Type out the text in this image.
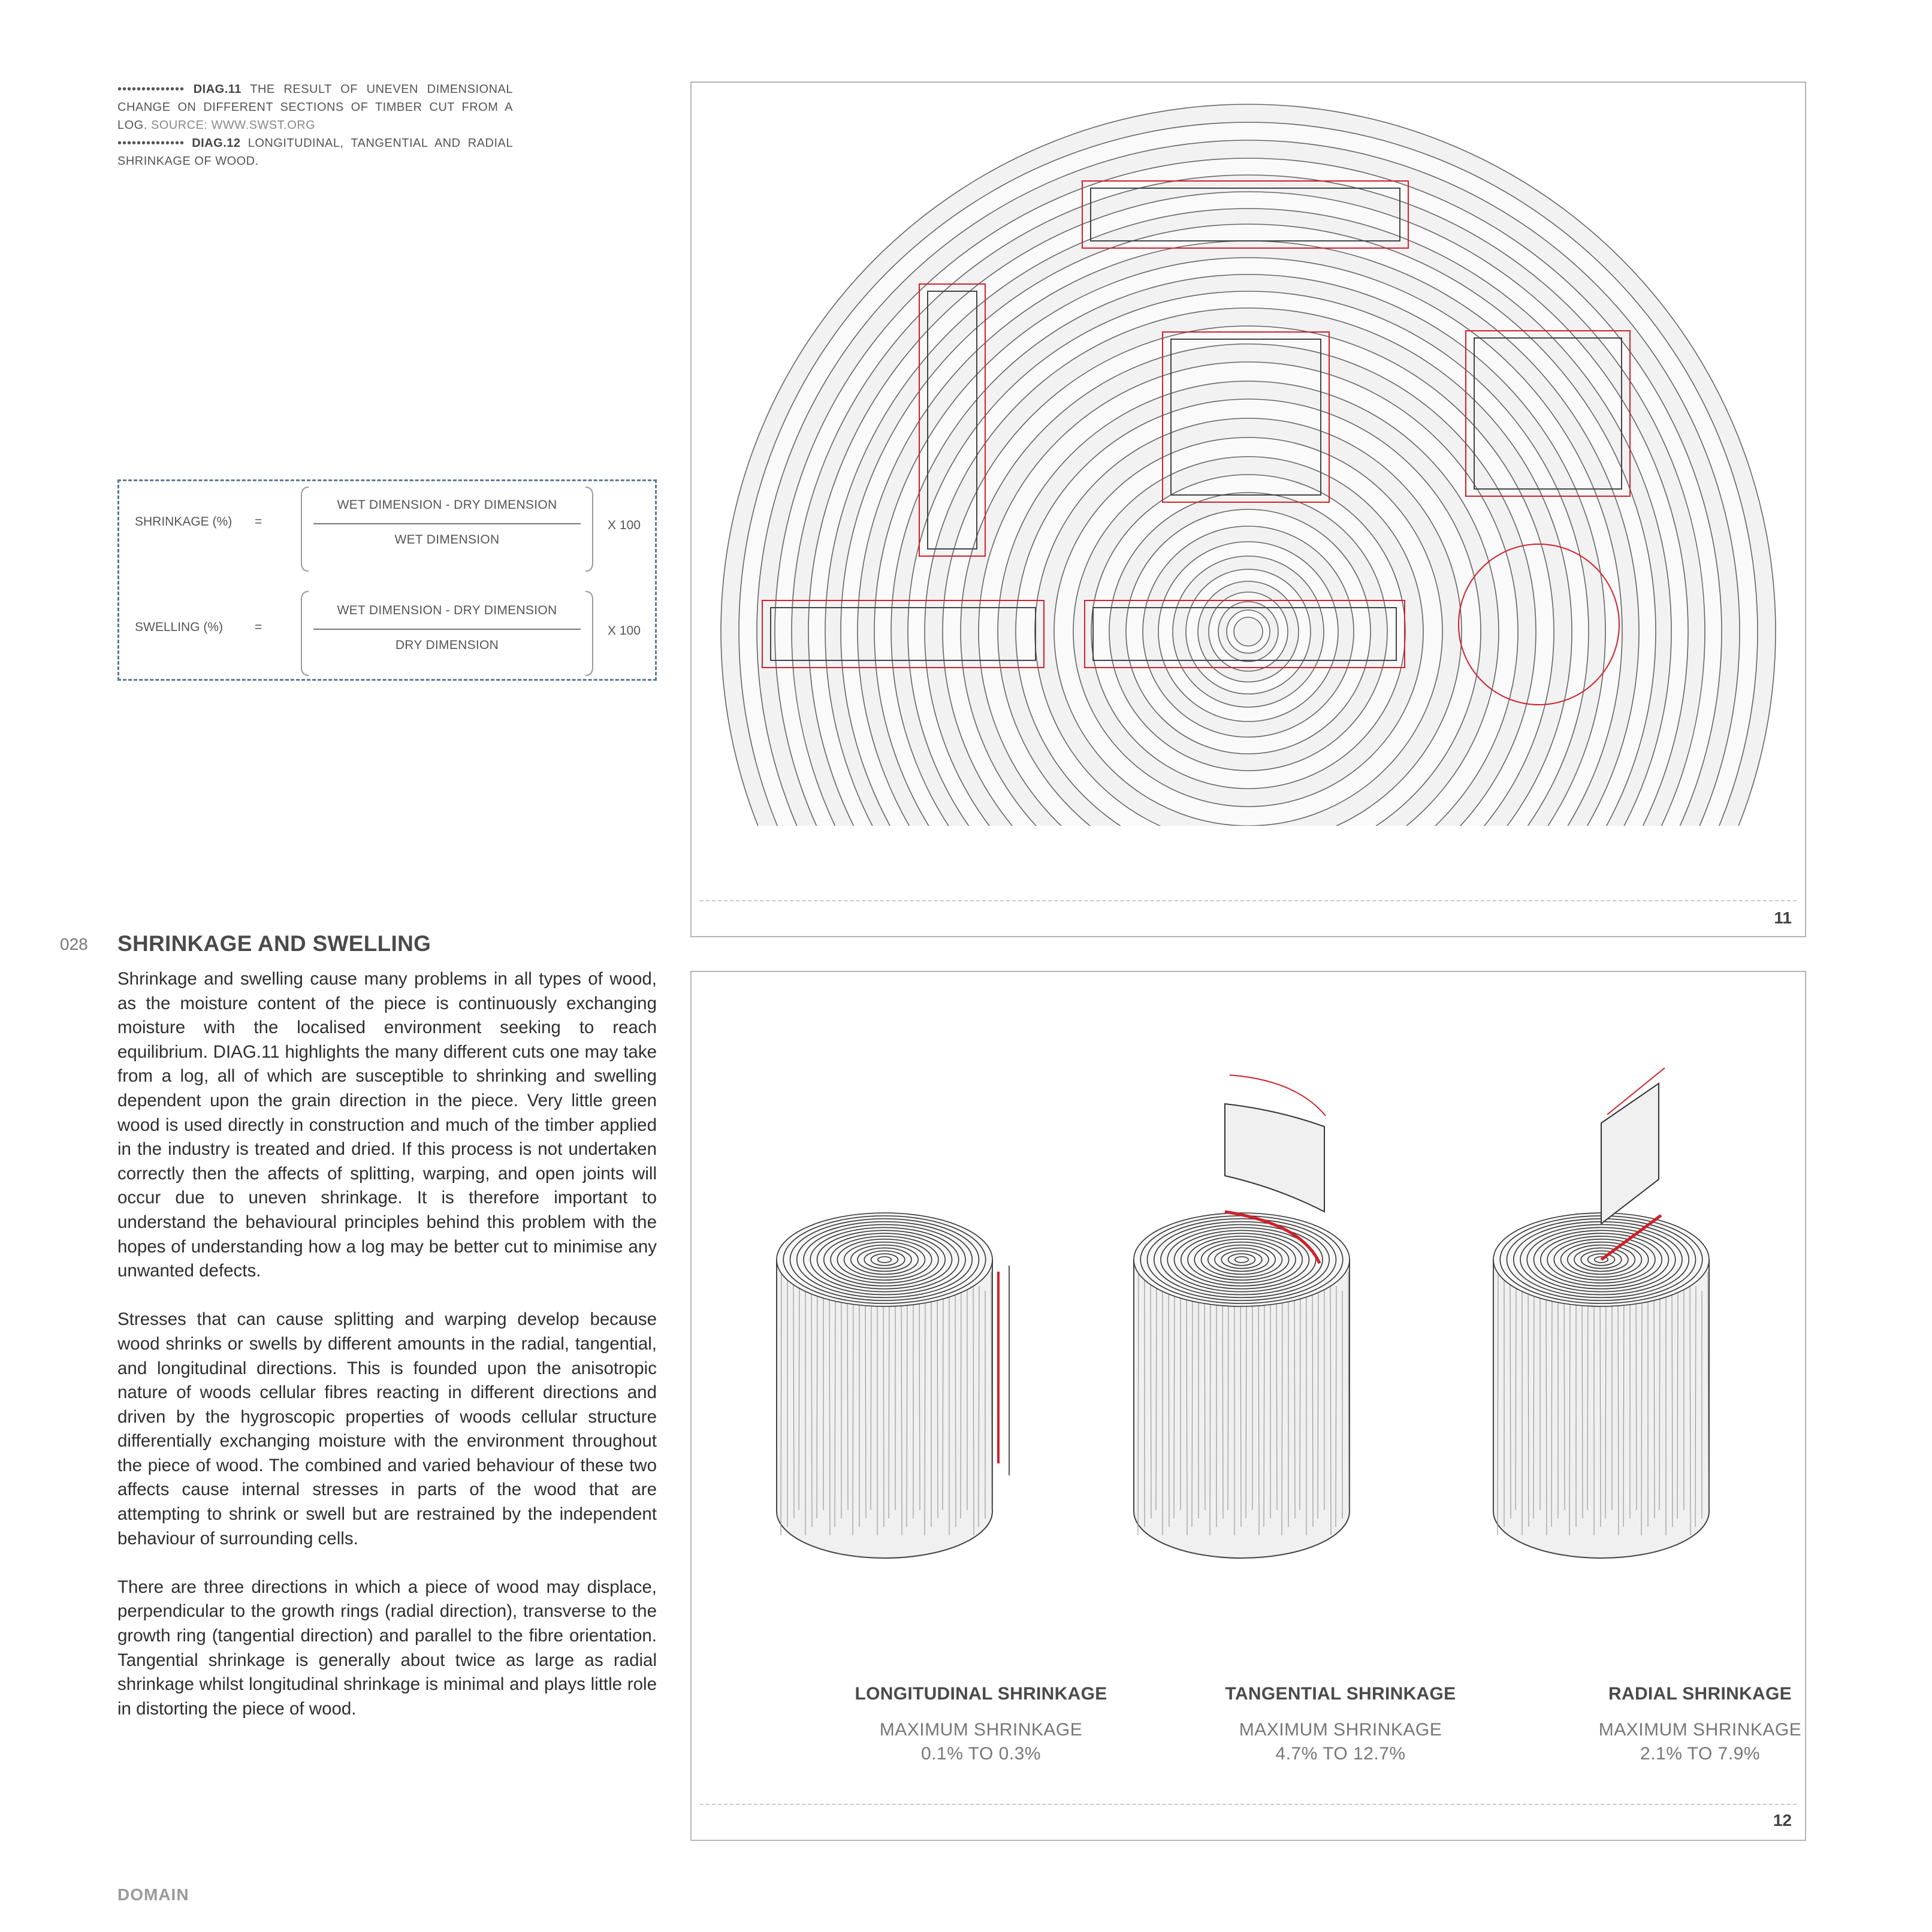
•••••••••••••• DIAG.11 THE RESULT OF UNEVEN DIMENSIONAL CHANGE ON DIFFERENT SECTIONS OF TIMBER CUT FROM A LOG. SOURCE: WWW.SWST.ORG

•••••••••••••• DIAG.12 LONGITUDINAL, TANGENTIAL AND RADIAL SHRINKAGE OF WOOD.

SHRINKAGE (%) =
WET DIMENSION - DRY DIMENSION
WET DIMENSION
X 100
SWELLING (%)	=
WET DIMENSION - DRY DIMENSION
DRY DIMENSION
X 100
028 SHRINKAGE AND SWELLING

Shrinkage and swelling cause many problems in all types of wood, as the moisture content of the piece is continuously exchanging moisture with the localised environment seeking to reach equilibrium. DIAG.11 highlights the many different cuts one may take from a log, all of which are susceptible to shrinking and swelling dependent upon the grain direction in the piece. Very little green wood is used directly in construction and much of the timber applied in the industry is treated and dried. If this process is not undertaken correctly then the affects of splitting, warping, and open joints will occur due to uneven shrinkage. It is therefore important to understand the behavioural principles behind this problem with the hopes of understanding how a log may be better cut to minimise any unwanted defects.

Stresses that can cause splitting and warping develop because wood shrinks or swells by different amounts in the radial, tangential, and longitudinal directions. This is founded upon the anisotropic nature of woods cellular fibres reacting in different directions and driven by the hygroscopic properties of woods cellular structure differentially exchanging moisture with the environment throughout the piece of wood. The combined and varied behaviour of these two affects cause internal stresses in parts of the wood that are attempting to shrink or swell but are restrained by the independent behaviour of surrounding cells.

There are three directions in which a piece of wood may displace, perpendicular to the growth rings (radial direction), transverse to the growth ring (tangential direction) and parallel to the fibre orientation. Tangential shrinkage is generally about twice as large as radial shrinkage whilst longitudinal shrinkage is minimal and plays little role in distorting the piece of wood.

DOMAIN
11
LONGITUDINAL SHRINKAGE
MAXIMUM SHRINKAGE
0.1% TO 0.3%
TANGENTIAL SHRINKAGE
MAXIMUM SHRINKAGE
4.7% TO 12.7%
RADIAL SHRINKAGE
MAXIMUM SHRINKAGE
2.1% TO 7.9%
12
